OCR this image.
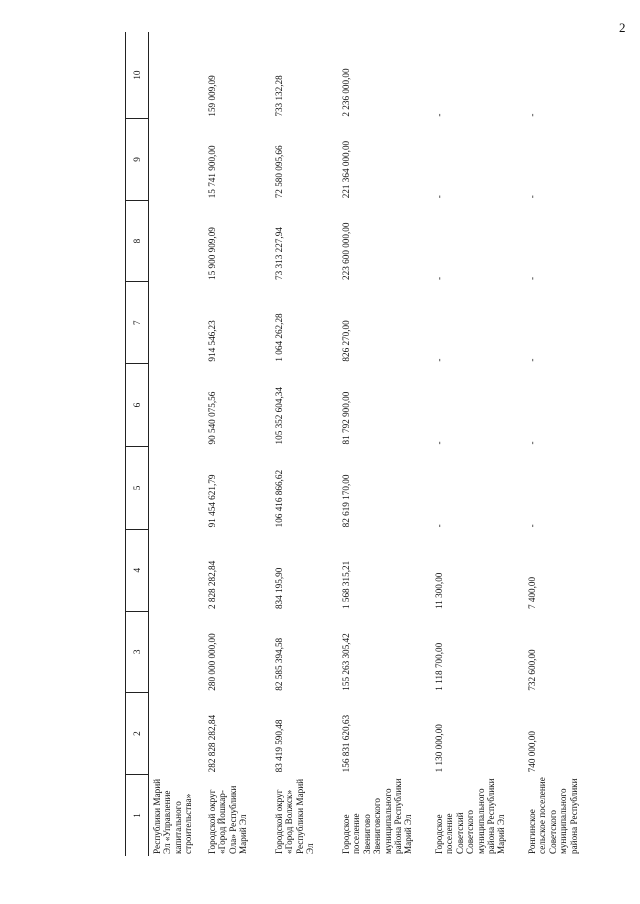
2
1	2	3	4	5	6	7	8	9	10
Республики Марий Эл «Управление капитального строительства»									
Городской округ «Город Йошкар-Ола» Республики Марий Эл	282 828 282,84	280 000 000,00	2 828 282,84	91 454 621,79	90 540 075,56	914 546,23	15 900 909,09	15 741 900,00	159 009,09
Городской округ «Город Волжск» Республики Марий Эл	83 419 590,48	82 585 394,58	834 195,90	106 416 866,62	105 352 604,34	1 064 262,28	73 313 227,94	72 580 095,66	733 132,28
Городское поселение Звенигово Звениговского муниципального района Республики Марий Эл	156 831 620,63	155 263 305,42	1 568 315,21	82 619 170,00	81 792 900,00	826 270,00	223 600 000,00	221 364 000,00	2 236 000,00
Городское поселение Советский Советского муниципального района Республики Марий Эл	1 130 000,00	1 118 700,00	11 300,00	-	-	-	-	-	-
Ронгинское сельское поселение Советского муниципального района Республики	740 000,00	732 600,00	7 400,00	-	-	-	-	-	-
